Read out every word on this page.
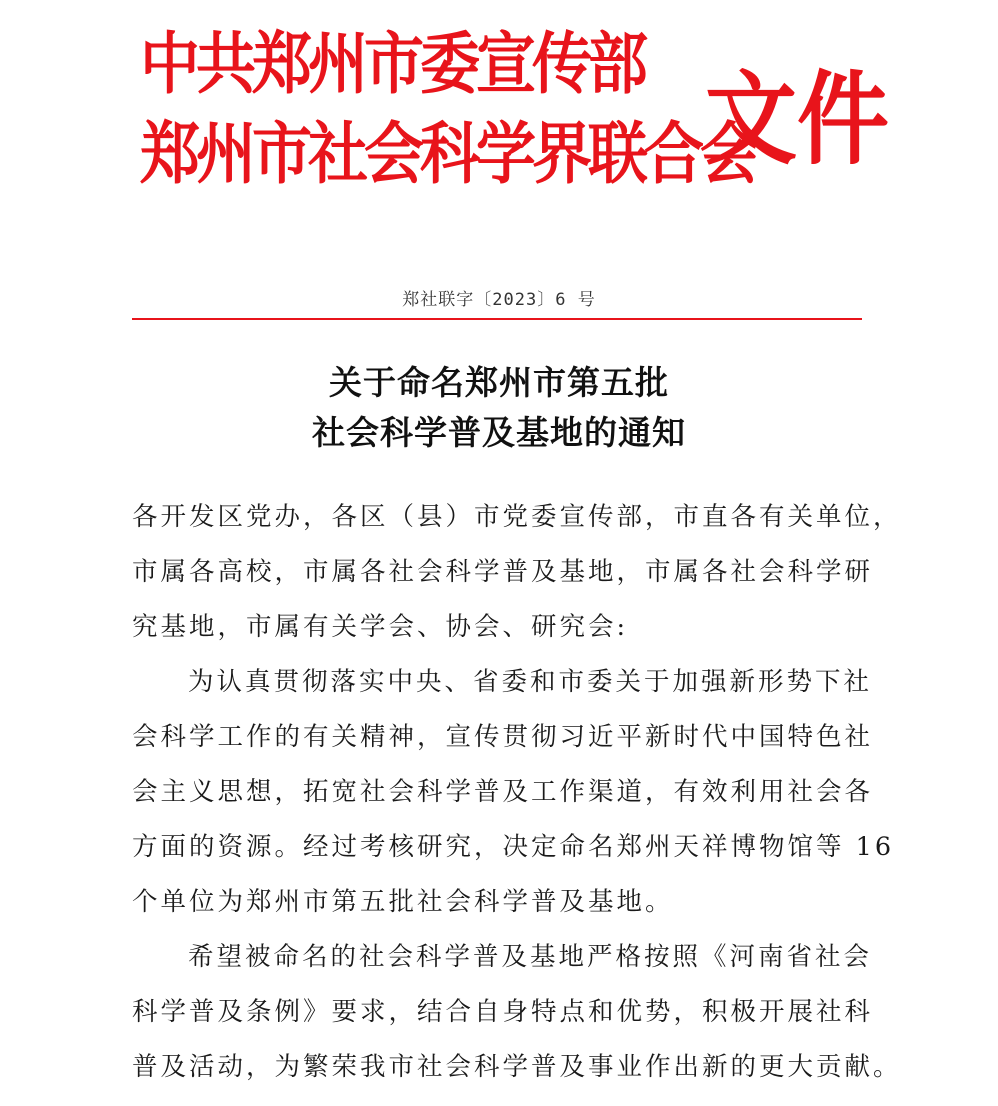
中共郑州市委宣传部
郑州市社会科学界联合会
文件
郑社联字〔2023〕6 号
关于命名郑州市第五批
社会科学普及基地的通知
各开发区党办，各区（县）市党委宣传部，市直各有关单位，
市属各高校，市属各社会科学普及基地，市属各社会科学研
究基地，市属有关学会、协会、研究会:
为认真贯彻落实中央、省委和市委关于加强新形势下社
会科学工作的有关精神，宣传贯彻习近平新时代中国特色社
会主义思想，拓宽社会科学普及工作渠道，有效利用社会各
方面的资源。经过考核研究，决定命名郑州天祥博物馆等 16
个单位为郑州市第五批社会科学普及基地。
希望被命名的社会科学普及基地严格按照《河南省社会
科学普及条例》要求，结合自身特点和优势，积极开展社科
普及活动，为繁荣我市社会科学普及事业作出新的更大贡献。
